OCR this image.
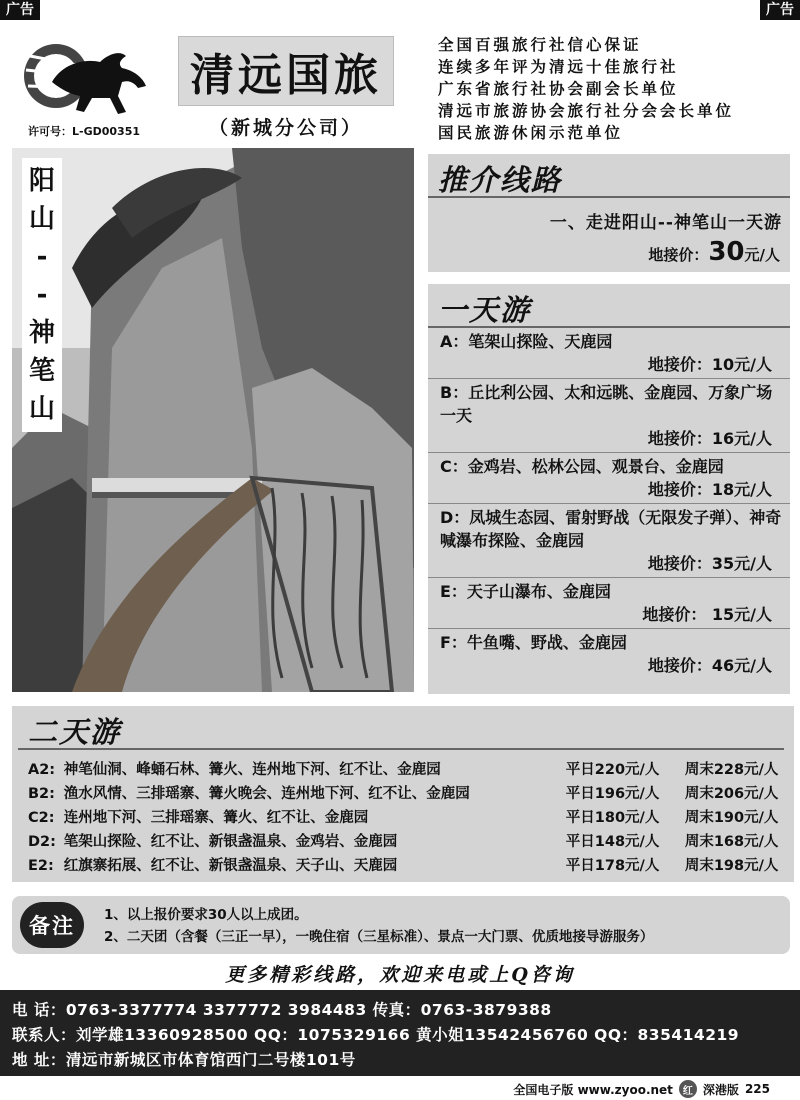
广告	广告
许可号：L-GD00351
清远国旅
（新城分公司）
全国百强旅行社信心保证
连续多年评为清远十佳旅行社
广东省旅行社协会副会长单位
清远市旅游协会旅行社分会会长单位
国民旅游休闲示范单位
阳
山
-
-
神
笔
山
推介线路
一、走进阳山--神笔山一天游
地接价：30元/人
一天游
A：笔架山探险、天鹿园
地接价：10元/人
B：丘比利公园、太和远眺、金鹿园、万象广场一天
地接价：16元/人
C：金鸡岩、松林公园、观景台、金鹿园
地接价：18元/人
D：凤城生态园、雷射野战（无限发子弹）、神奇喊瀑布探险、金鹿园
地接价：35元/人
E：天子山瀑布、金鹿园
地接价： 15元/人
F：牛鱼嘴、野战、金鹿园
地接价：46元/人
二天游
A2: 神笔仙洞、峰蛹石林、篝火、连州地下河、红不让、金鹿园	平日220元/人	周末228元/人
B2: 渔水风情、三排瑶寨、篝火晚会、连州地下河、红不让、金鹿园	平日196元/人	周末206元/人
C2: 连州地下河、三排瑶寨、篝火、红不让、金鹿园	平日180元/人	周末190元/人
D2: 笔架山探险、红不让、新银盏温泉、金鸡岩、金鹿园	平日148元/人	周末168元/人
E2: 红旗寨拓展、红不让、新银盏温泉、天子山、天鹿园	平日178元/人	周末198元/人
备注	1、以上报价要求30人以上成团。
2、二天团（含餐（三正一早），一晚住宿（三星标准）、景点一大门票、优质地接导游服务）
更多精彩线路，欢迎来电或上Q咨询
电 话：0763-3377774 3377772 3984483 传真：0763-3879388
联系人：刘学雄13360928500 QQ：1075329166 黄小姐13542456760 QQ：835414219
地 址：清远市新城区市体育馆西门二号楼101号
全国电子版 www.zyoo.net	红 深港版 225
